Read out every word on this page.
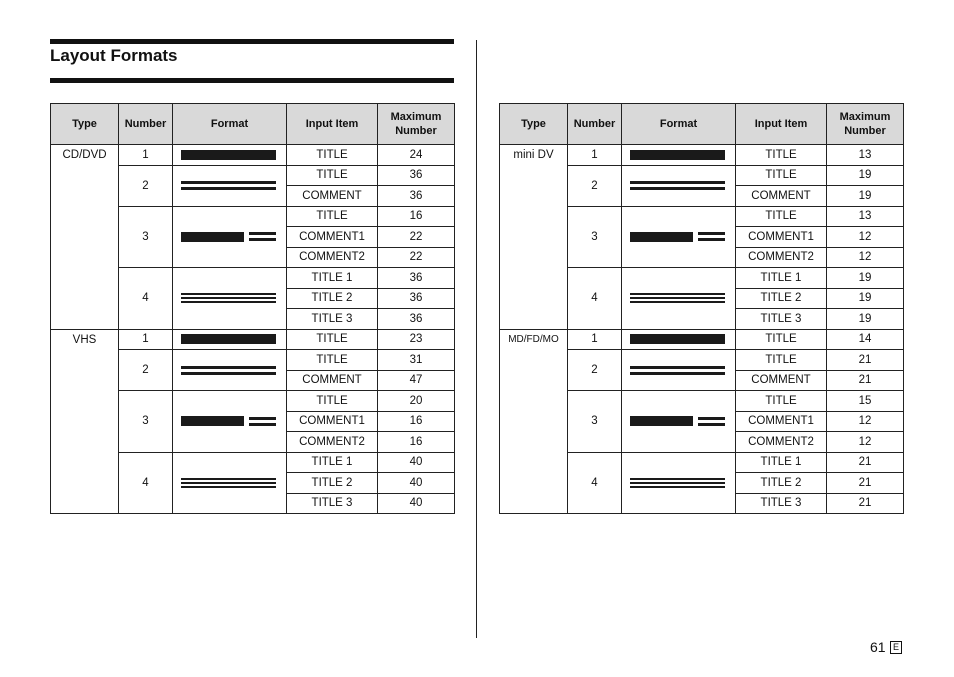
Layout Formats
Type	Number	Format	Input Item	Maximum Number
CD/DVD	1		TITLE	24
	2		TITLE	36
			COMMENT	36
	3		TITLE	16
			COMMENT1	22
			COMMENT2	22
	4		TITLE 1	36
			TITLE 2	36
			TITLE 3	36
VHS	1		TITLE	23
	2		TITLE	31
			COMMENT	47
	3		TITLE	20
			COMMENT1	16
			COMMENT2	16
	4		TITLE 1	40
			TITLE 2	40
			TITLE 3	40
Type	Number	Format	Input Item	Maximum Number
mini DV	1		TITLE	13
	2		TITLE	19
			COMMENT	19
	3		TITLE	13
			COMMENT1	12
			COMMENT2	12
	4		TITLE 1	19
			TITLE 2	19
			TITLE 3	19
MD/FD/MO	1		TITLE	14
	2		TITLE	21
			COMMENT	21
	3		TITLE	15
			COMMENT1	12
			COMMENT2	12
	4		TITLE 1	21
			TITLE 2	21
			TITLE 3	21
61 E
